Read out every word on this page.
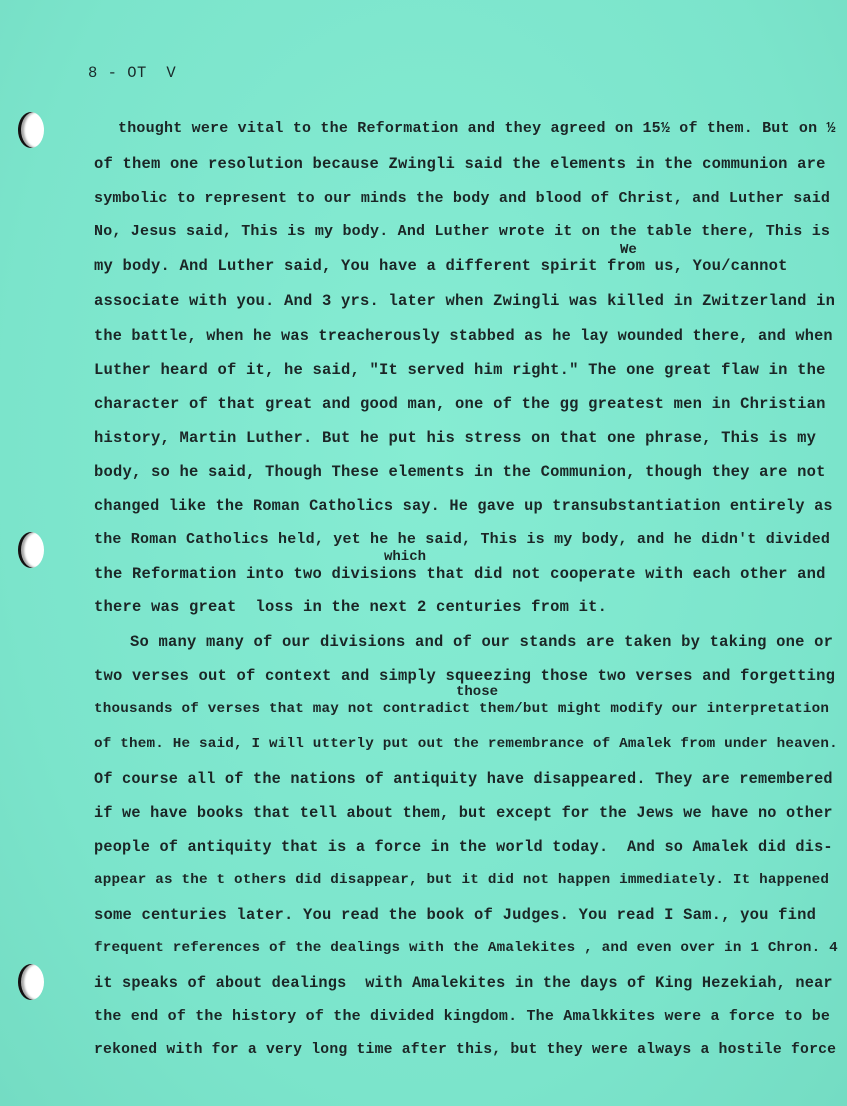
8 - OT  V
thought were vital to the Reformation and they agreed on 15½ of them. But on ½
of them one resolution because Zwingli said the elements in the communion are
symbolic to represent to our minds the body and blood of Christ, and Luther said
No, Jesus said, This is my body. And Luther wrote it on the table there, This is
We
my body. And Luther said, You have a different spirit from us, You/cannot
associate with you. And 3 yrs. later when Zwingli was killed in Zwitzerland in
the battle, when he was treacherously stabbed as he lay wounded there, and when
Luther heard of it, he said, "It served him right." The one great flaw in the
character of that great and good man, one of the gg greatest men in Christian
history, Martin Luther. But he put his stress on that one phrase, This is my
body, so he said, Though These elements in the Communion, though they are not
changed like the Roman Catholics say. He gave up transubstantiation entirely as
the Roman Catholics held, yet he he said, This is my body, and he didn't divided
which
the Reformation into two divisions that did not cooperate with each other and
there was great  loss in the next 2 centuries from it.
So many many of our divisions and of our stands are taken by taking one or
two verses out of context and simply squeezing those two verses and forgetting
those
thousands of verses that may not contradict them/but might modify our interpretation
of them. He said, I will utterly put out the remembrance of Amalek from under heaven.
Of course all of the nations of antiquity have disappeared. They are remembered
if we have books that tell about them, but except for the Jews we have no other
people of antiquity that is a force in the world today.  And so Amalek did dis-
appear as the t others did disappear, but it did not happen immediately. It happened
some centuries later. You read the book of Judges. You read I Sam., you find
frequent references of the dealings with the Amalekites , and even over in 1 Chron. 4
it speaks of about dealings  with Amalekites in the days of King Hezekiah, near
the end of the history of the divided kingdom. The Amalkkites were a force to be
rekoned with for a very long time after this, but they were always a hostile force
